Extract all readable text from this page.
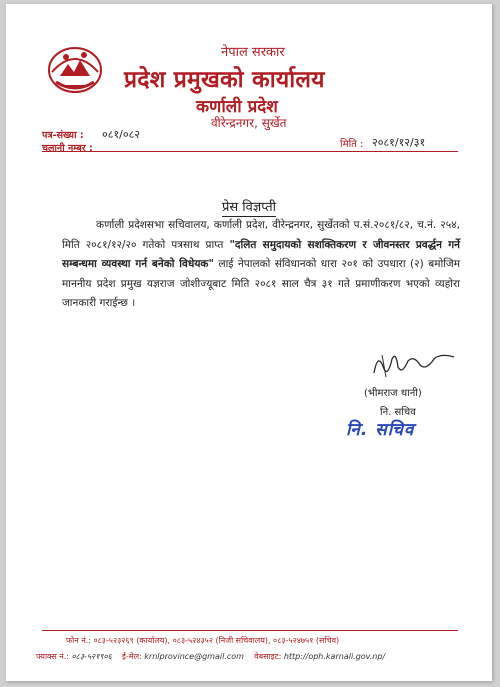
नेपाल सरकार
प्रदेश प्रमुखको कार्यालय
कर्णाली प्रदेश
वीरेन्द्रनगर, सुर्खेत
पत्र-संख्या : ०८१/०८२
चलानी नम्बर :	मिति : २०८१/१२/३१
प्रेस विज्ञप्ती
कर्णाली प्रदेशसभा सचिवालय, कर्णाली प्रदेश, वीरेन्द्रनगर, सुर्खेतको प.सं.२०८१/८२, च.नं. २५४, मिति २०८१/१२/२० गतेको पत्रसाथ प्राप्त "दलित समुदायको सशक्तिकरण र जीवनस्तर प्रवर्द्धन गर्ने सम्बन्धमा व्यवस्था गर्न बनेको विधेयक" लाई नेपालको संविधानको धारा २०१ को उपधारा (२) बमोजिम माननीय प्रदेश प्रमुख यज्ञराज जोशीज्यूबाट मिति २०८१ साल चैत्र ३१ गते प्रमाणीकरण भएको व्यहोरा जानकारी गराईन्छ ।
(भीमराज थानी)
नि. सचिव
नि. सचिव
फोन नं.: ०८३-५२३२६९ (कार्यालय), ०८३-५२४३५२ (निजी सचिवालय), ०८३-५२४७५१ (सचिव)
फ्याक्स नं.: ०८३-५२१९०६ ई-मेल: krnlprovince@gmail.com वेबसाइट: http://oph.karnali.gov.np/
